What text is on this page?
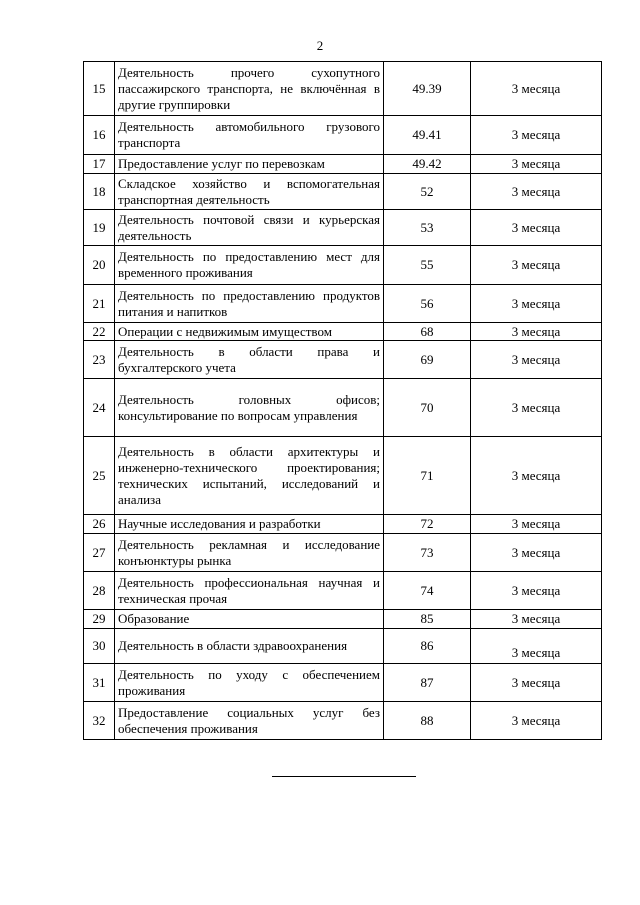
2
15	Деятельность прочего сухопутного пассажирского транспорта, не включённая в другие группировки	49.39	3 месяца
16	Деятельность автомобильного грузового транспорта	49.41	3 месяца
17	Предоставление услуг по перевозкам	49.42	3 месяца
18	Складское хозяйство и вспомогательная транспортная деятельность	52	3 месяца
19	Деятельность почтовой связи и курьерская деятельность	53	3 месяца
20	Деятельность по предоставлению мест для временного проживания	55	3 месяца
21	Деятельность по предоставлению продуктов питания и напитков	56	3 месяца
22	Операции с недвижимым имуществом	68	3 месяца
23	Деятельность в области права и бухгалтерского учета	69	3 месяца
24	Деятельность головных офисов; консультирование по вопросам управления	70	3 месяца
25	Деятельность в области архитектуры и инженерно-технического проектирования; технических испытаний, исследований и анализа	71	3 месяца
26	Научные исследования и разработки	72	3 месяца
27	Деятельность рекламная и исследование конъюнктуры рынка	73	3 месяца
28	Деятельность профессиональная научная и техническая прочая	74	3 месяца
29	Образование	85	3 месяца
30	Деятельность в области здравоохранения	86	3 месяца
31	Деятельность по уходу с обеспечением проживания	87	3 месяца
32	Предоставление социальных услуг без обеспечения проживания	88	3 месяца
